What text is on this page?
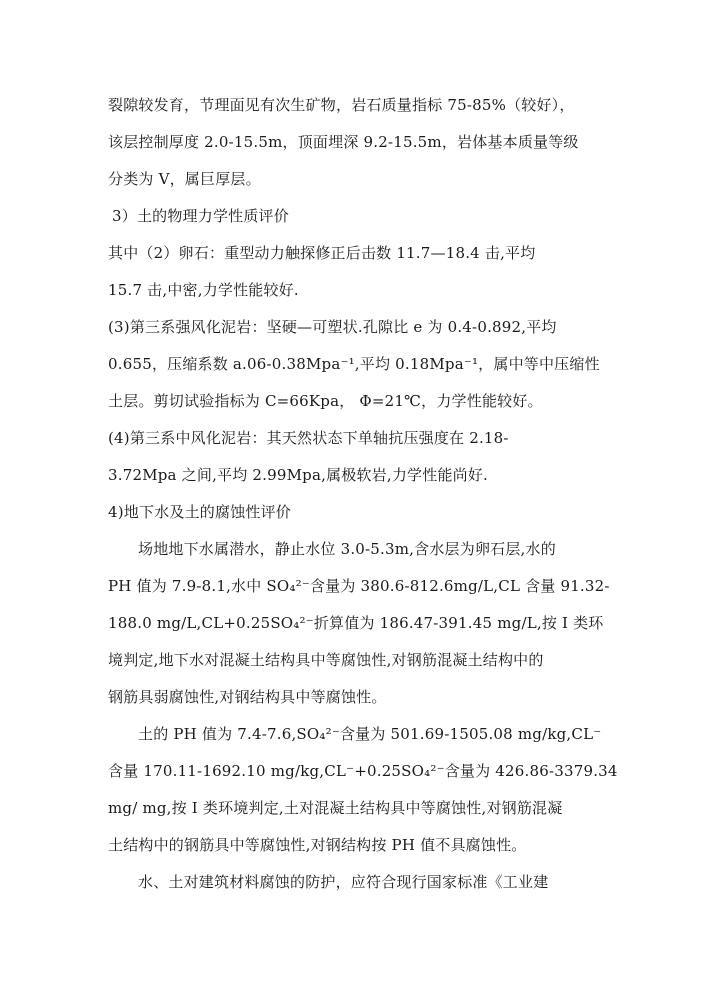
裂隙较发育，节理面见有次生矿物，岩石质量指标 75-85%（较好），
该层控制厚度 2.0-15.5m，顶面埋深 9.2-15.5m，岩体基本质量等级
分类为 V，属巨厚层。
3）土的物理力学性质评价
其中（2）卵石：重型动力触探修正后击数 11.7—18.4 击,平均
15.7 击,中密,力学性能较好.
(3)第三系强风化泥岩：坚硬—可塑状.孔隙比 e 为 0.4-0.892,平均
0.655，压缩系数 a.06-0.38Mpa⁻¹,平均 0.18Mpa⁻¹，属中等中压缩性
土层。剪切试验指标为 C=66Kpa， Φ=21℃，力学性能较好。
(4)第三系中风化泥岩：其天然状态下单轴抗压强度在 2.18-
3.72Mpa 之间,平均 2.99Mpa,属极软岩,力学性能尚好.
4)地下水及土的腐蚀性评价
场地地下水属潜水，静止水位 3.0-5.3m,含水层为卵石层,水的
PH 值为 7.9-8.1,水中 SO₄²⁻含量为 380.6-812.6mg/L,CL 含量 91.32-
188.0 mg/L,CL+0.25SO₄²⁻折算值为 186.47-391.45 mg/L,按 I 类环
境判定,地下水对混凝土结构具中等腐蚀性,对钢筋混凝土结构中的
钢筋具弱腐蚀性,对钢结构具中等腐蚀性。
土的 PH 值为 7.4-7.6,SO₄²⁻含量为 501.69-1505.08 mg/kg,CL⁻
含量 170.11-1692.10 mg/kg,CL⁻+0.25SO₄²⁻含量为 426.86-3379.34
mg/ mg,按 I 类环境判定,土对混凝土结构具中等腐蚀性,对钢筋混凝
土结构中的钢筋具中等腐蚀性,对钢结构按 PH 值不具腐蚀性。
水、土对建筑材料腐蚀的防护，应符合现行国家标准《工业建
